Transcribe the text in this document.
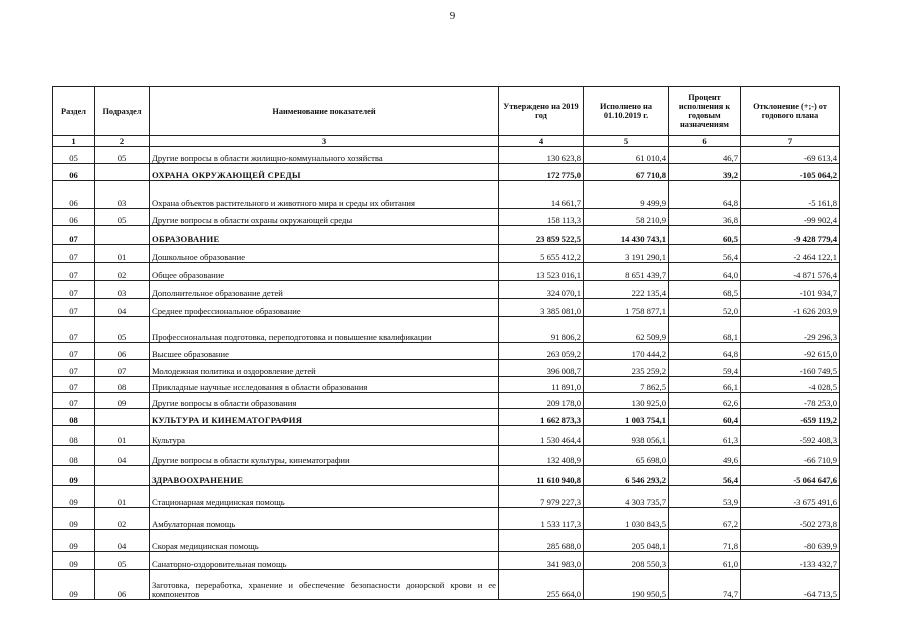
9
Раздел	Подраздел	Наименование показателей	Утверждено на 2019 год	Исполнено на 01.10.2019 г.	Процент исполнения к годовым назначениям	Отклонение (+;-) от годового плана
1	2	3	4	5	6	7
05	05	Другие вопросы в области жилищно-коммунального хозяйства	130 623,8	61 010,4	46,7	-69 613,4
06		ОХРАНА ОКРУЖАЮЩЕЙ СРЕДЫ	172 775,0	67 710,8	39,2	-105 064,2
06	03	Охрана объектов растительного и животного мира и среды их обитания	14 661,7	9 499,9	64,8	-5 161,8
06	05	Другие вопросы в области охраны окружающей среды	158 113,3	58 210,9	36,8	-99 902,4
07		ОБРАЗОВАНИЕ	23 859 522,5	14 430 743,1	60,5	-9 428 779,4
07	01	Дошкольное образование	5 655 412,2	3 191 290,1	56,4	-2 464 122,1
07	02	Общее образование	13 523 016,1	8 651 439,7	64,0	-4 871 576,4
07	03	Дополнительное образование детей	324 070,1	222 135,4	68,5	-101 934,7
07	04	Среднее профессиональное образование	3 385 081,0	1 758 877,1	52,0	-1 626 203,9
07	05	Профессиональная подготовка, переподготовка и повышение квалификации	91 806,2	62 509,9	68,1	-29 296,3
07	06	Высшее образование	263 059,2	170 444,2	64,8	-92 615,0
07	07	Молодежная политика и оздоровление детей	396 008,7	235 259,2	59,4	-160 749,5
07	08	Прикладные научные исследования в области образования	11 891,0	7 862,5	66,1	-4 028,5
07	09	Другие вопросы в области образования	209 178,0	130 925,0	62,6	-78 253,0
08		КУЛЬТУРА И КИНЕМАТОГРАФИЯ	1 662 873,3	1 003 754,1	60,4	-659 119,2
08	01	Культура	1 530 464,4	938 056,1	61,3	-592 408,3
08	04	Другие вопросы в области культуры, кинематографии	132 408,9	65 698,0	49,6	-66 710,9
09		ЗДРАВООХРАНЕНИЕ	11 610 940,8	6 546 293,2	56,4	-5 064 647,6
09	01	Стационарная медицинская помощь	7 979 227,3	4 303 735,7	53,9	-3 675 491,6
09	02	Амбулаторная помощь	1 533 117,3	1 030 843,5	67,2	-502 273,8
09	04	Скорая медицинская помощь	285 688,0	205 048,1	71,8	-80 639,9
09	05	Санаторно-оздоровительная помощь	341 983,0	208 550,3	61,0	-133 432,7
09	06	Заготовка, переработка, хранение и обеспечение безопасности донорской крови и ее компонентов	255 664,0	190 950,5	74,7	-64 713,5
